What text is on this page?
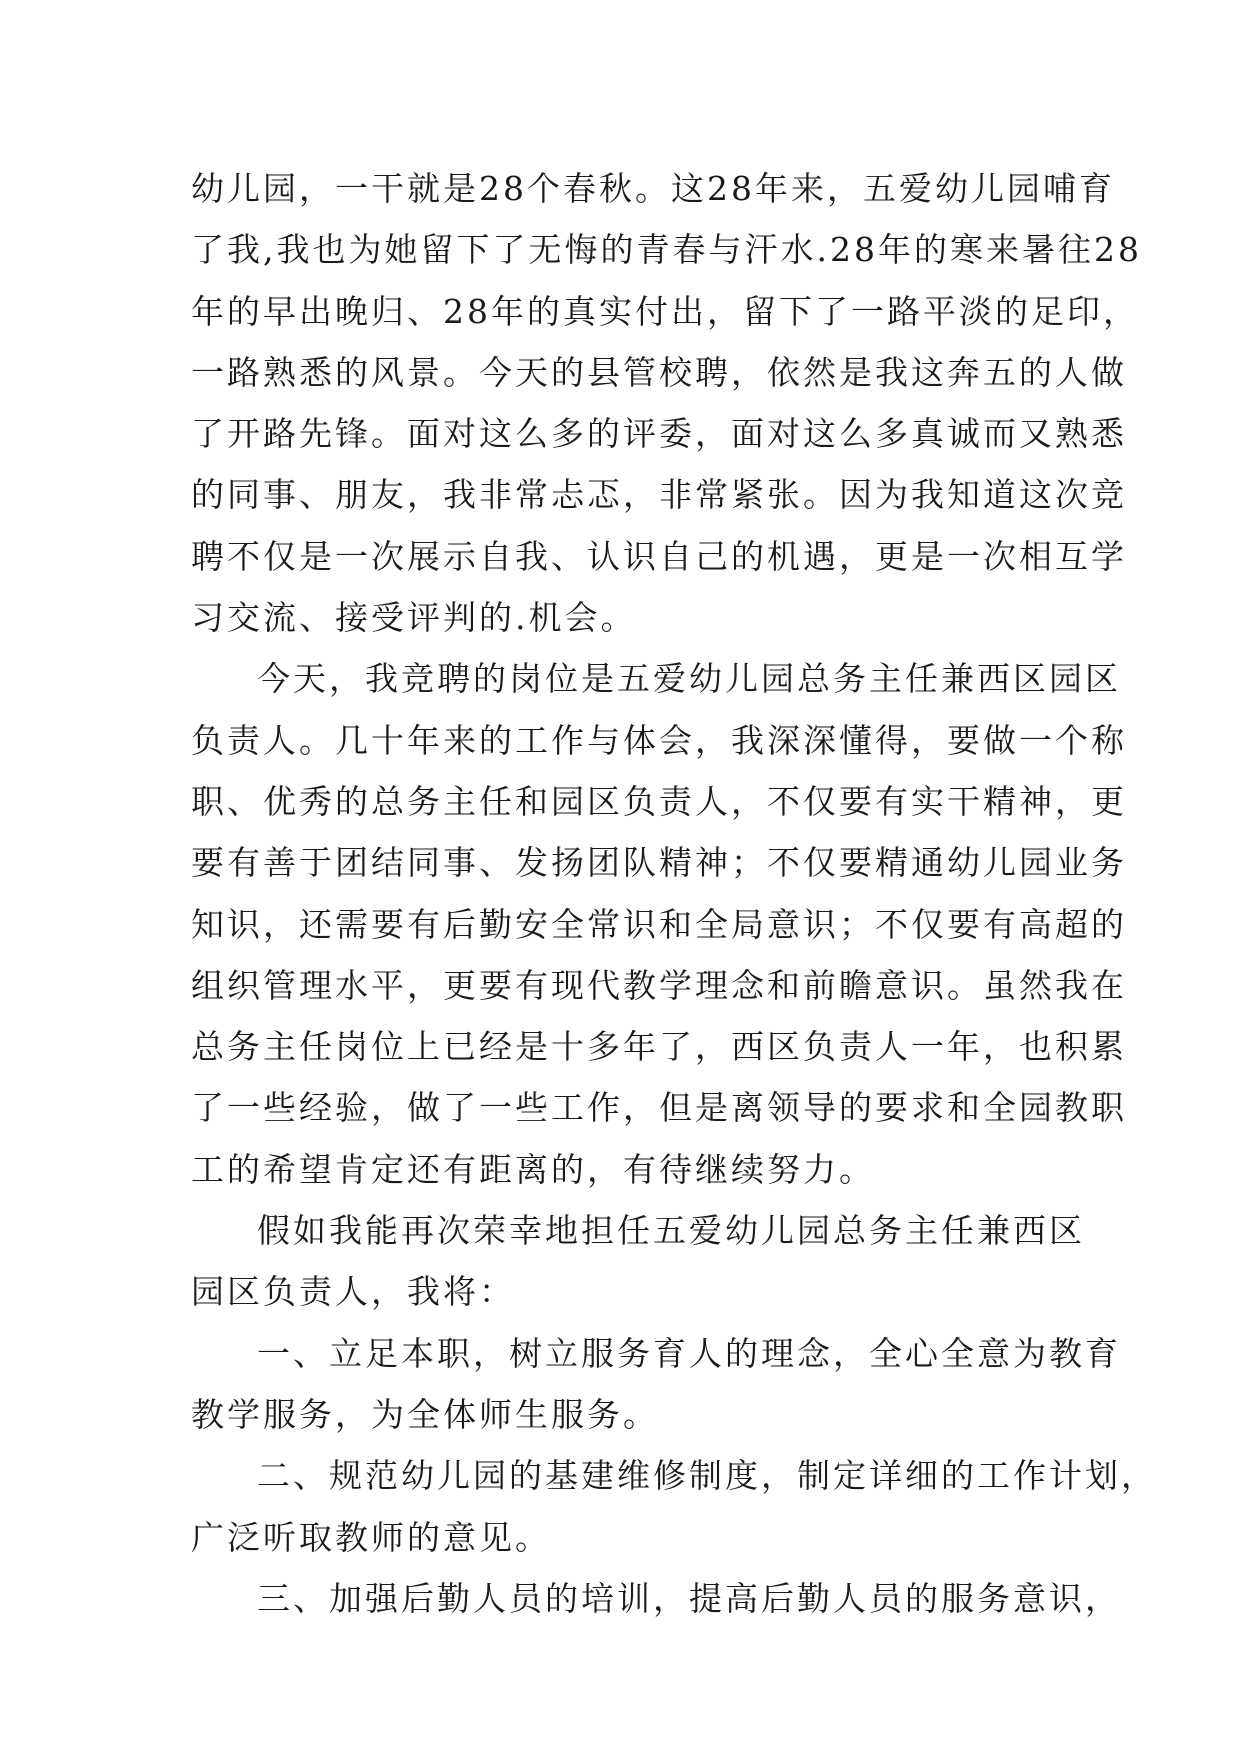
幼儿园，一干就是28个春秋。这28年来，五爱幼儿园哺育
了我,我也为她留下了无悔的青春与汗水.28年的寒来暑往28
年的早出晚归、28年的真实付出，留下了一路平淡的足印，
一路熟悉的风景。今天的县管校聘，依然是我这奔五的人做
了开路先锋。面对这么多的评委，面对这么多真诚而又熟悉
的同事、朋友，我非常忐忑，非常紧张。因为我知道这次竞
聘不仅是一次展示自我、认识自己的机遇，更是一次相互学
习交流、接受评判的.机会。
今天，我竞聘的岗位是五爱幼儿园总务主任兼西区园区
负责人。几十年来的工作与体会，我深深懂得，要做一个称
职、优秀的总务主任和园区负责人，不仅要有实干精神，更
要有善于团结同事、发扬团队精神；不仅要精通幼儿园业务
知识，还需要有后勤安全常识和全局意识；不仅要有高超的
组织管理水平，更要有现代教学理念和前瞻意识。虽然我在
总务主任岗位上已经是十多年了，西区负责人一年，也积累
了一些经验，做了一些工作，但是离领导的要求和全园教职
工的希望肯定还有距离的，有待继续努力。
假如我能再次荣幸地担任五爱幼儿园总务主任兼西区
园区负责人，我将：
一、立足本职，树立服务育人的理念，全心全意为教育
教学服务，为全体师生服务。
二、规范幼儿园的基建维修制度，制定详细的工作计划，
广泛听取教师的意见。
三、加强后勤人员的培训，提高后勤人员的服务意识，
